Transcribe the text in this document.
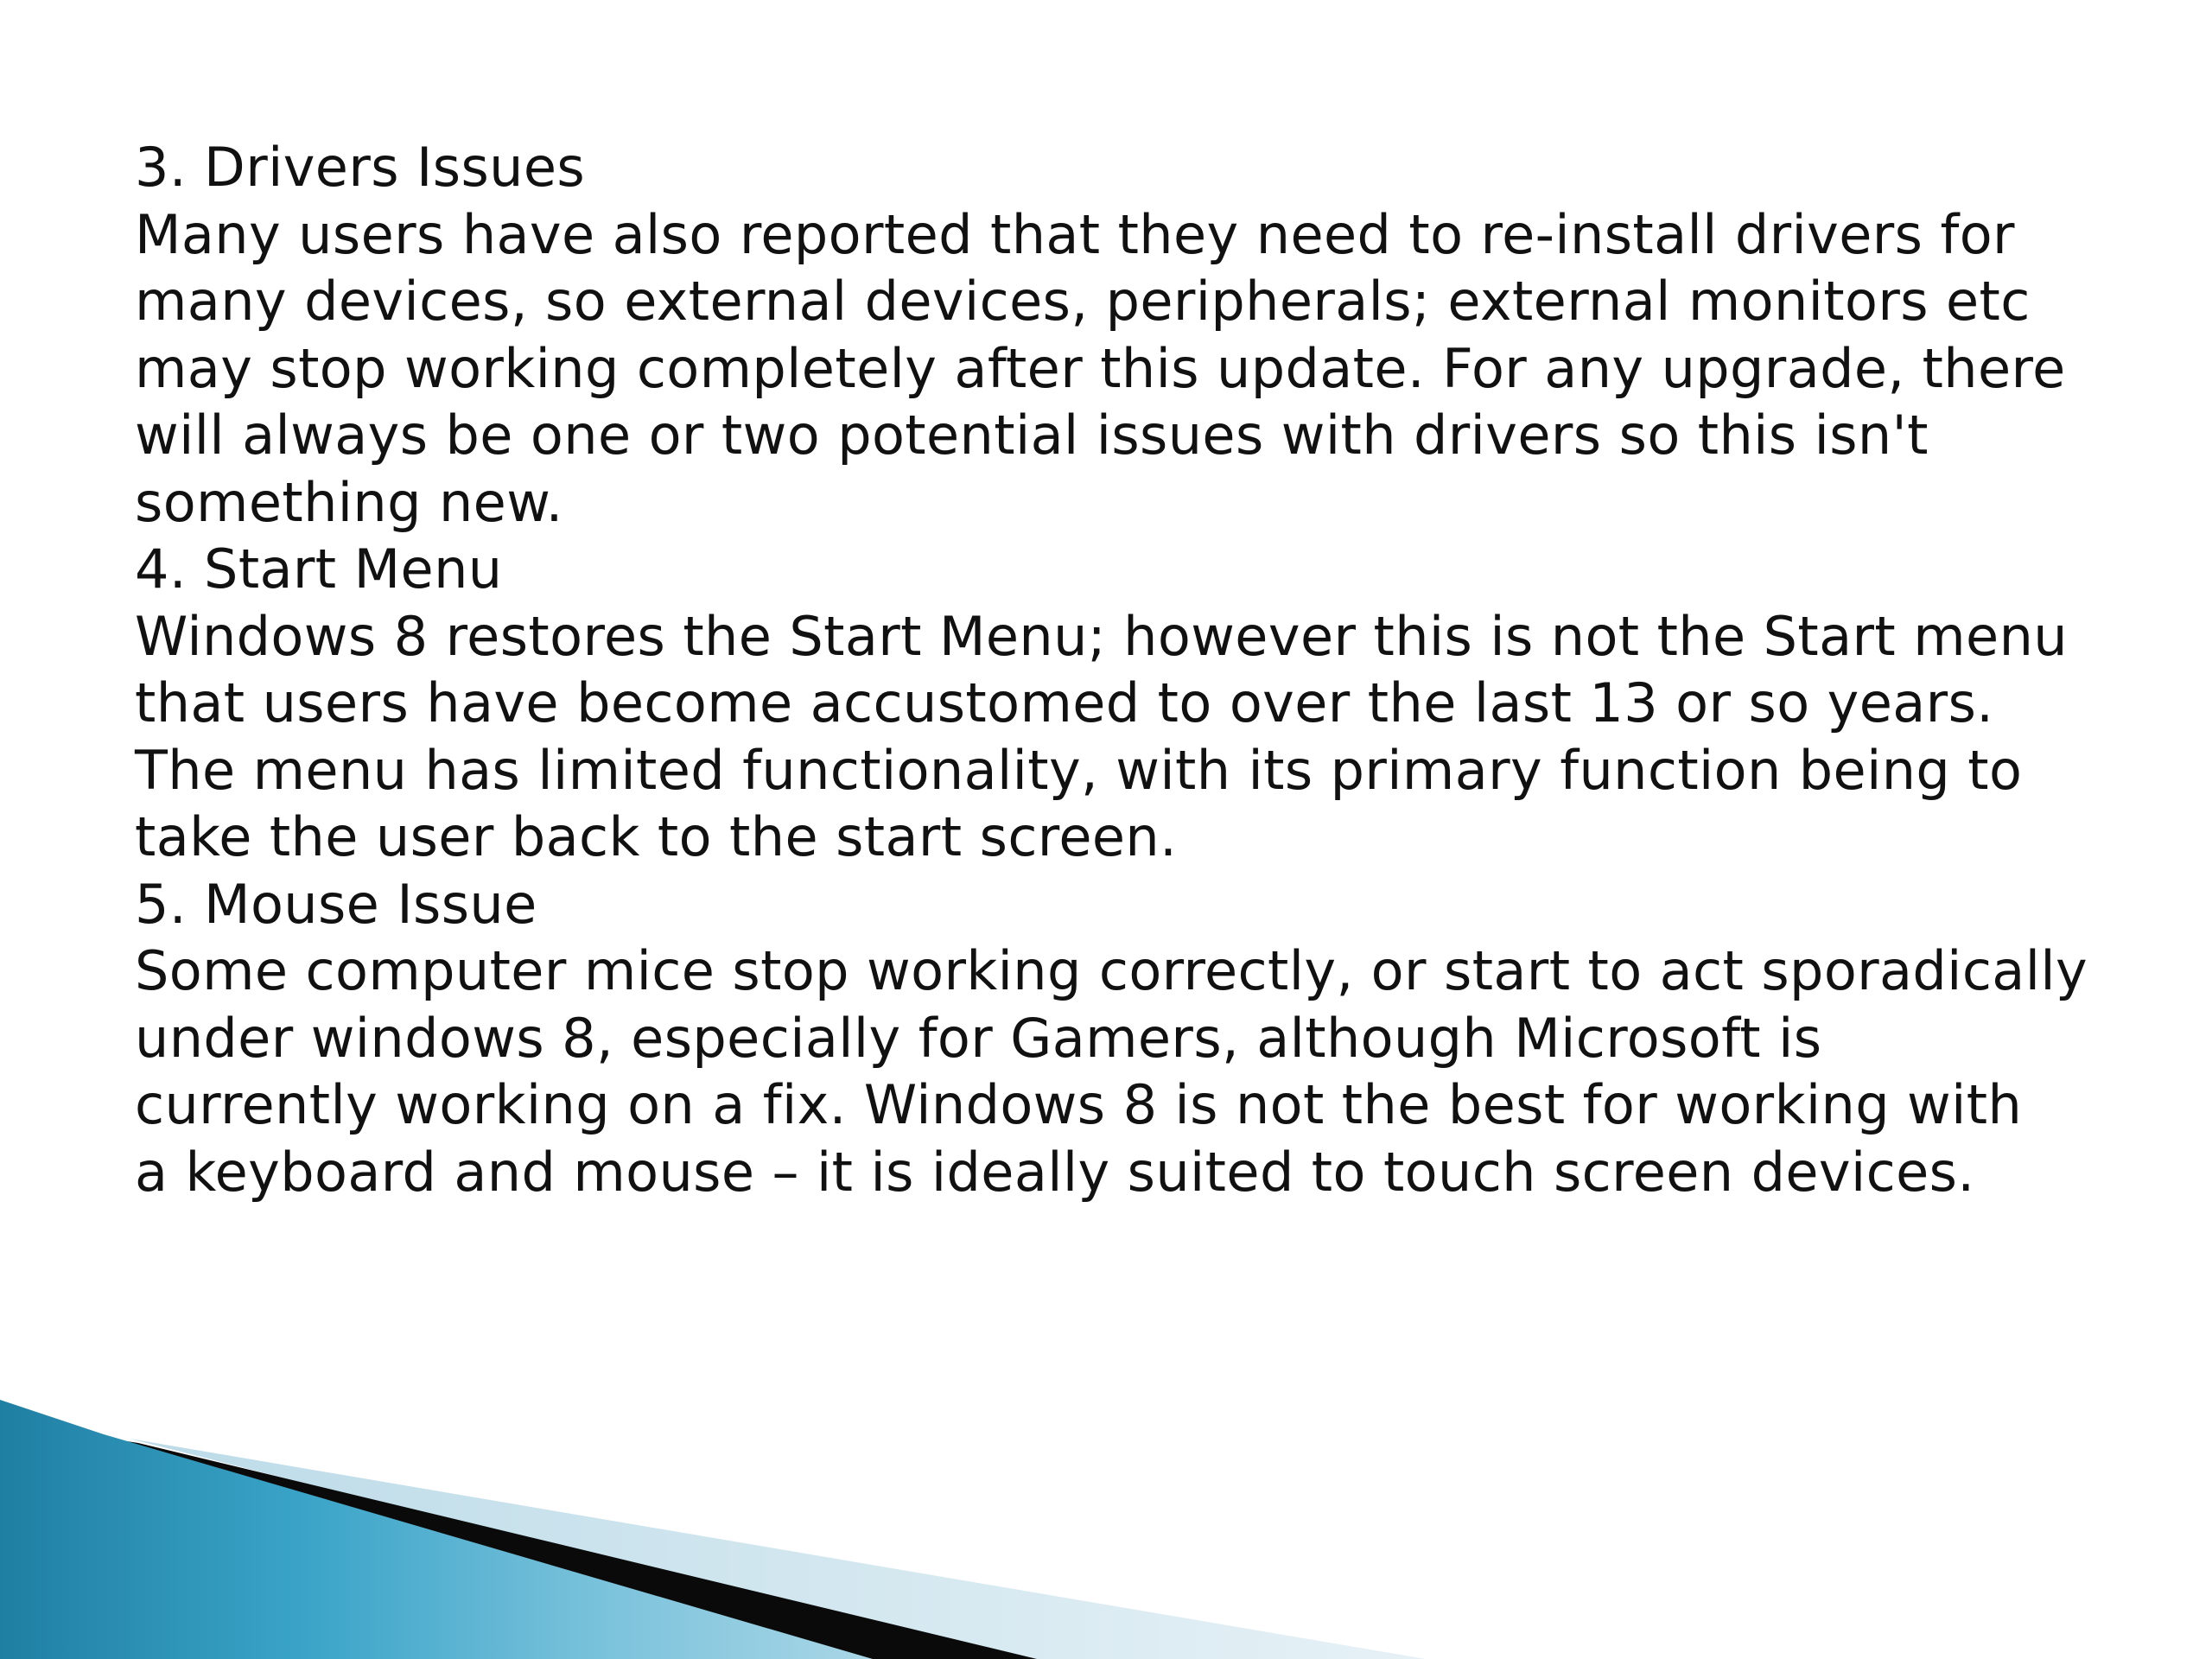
3. Drivers Issues

Many users have also reported that they need to re-install drivers for
many devices, so external devices, peripherals; external monitors etc
may stop working completely after this update. For any upgrade, there
will always be one or two potential issues with drivers so this isn't
something new.

4. Start Menu

Windows 8 restores the Start Menu; however this is not the Start menu
that users have become accustomed to over the last 13 or so years.
The menu has limited functionality, with its primary function being to
take the user back to the start screen.

5. Mouse Issue

Some computer mice stop working correctly, or start to act sporadically
under windows 8, especially for Gamers, although Microsoft is
currently working on a fix. Windows 8 is not the best for working with
a keyboard and mouse – it is ideally suited to touch screen devices.
